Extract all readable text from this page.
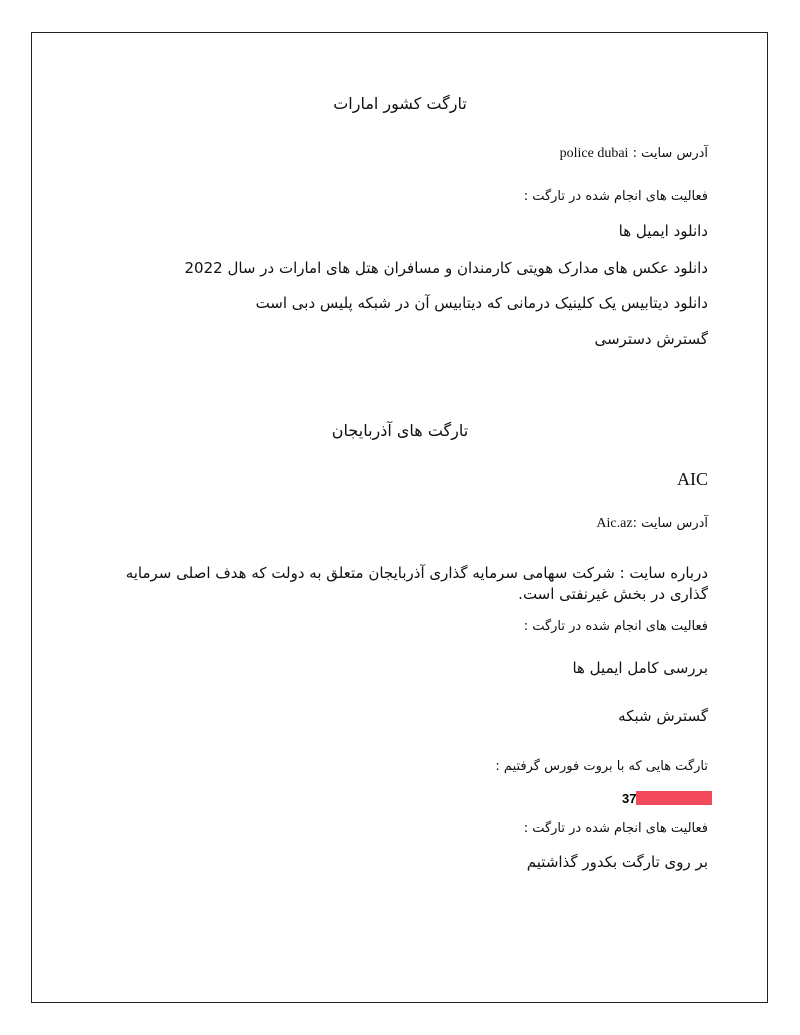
تارگت کشور امارات
آدرس سایت : police dubai
فعالیت های انجام شده در تارگت :
دانلود ایمیل ها
دانلود عکس های مدارک هویتی کارمندان و مسافران هتل های امارات در سال 2022
دانلود دیتابیس یک کلینیک درمانی که دیتابیس آن در شبکه پلیس دبی است
گسترش دسترسی
تارگت های آذربایجان
AIC
آدرس سایت :Aic.az
درباره سایت : شرکت سهامی سرمایه گذاری آذربایجان متعلق به دولت که هدف اصلی سرمایه گذاری در بخش غیرنفتی است.
فعالیت های انجام شده در تارگت :
بررسی کامل ایمیل ها
گسترش شبکه
تارگت هایی که با بروت فورس گرفتیم :
37
فعالیت های انجام شده در تارگت :
بر روی تارگت بکدور گذاشتیم
